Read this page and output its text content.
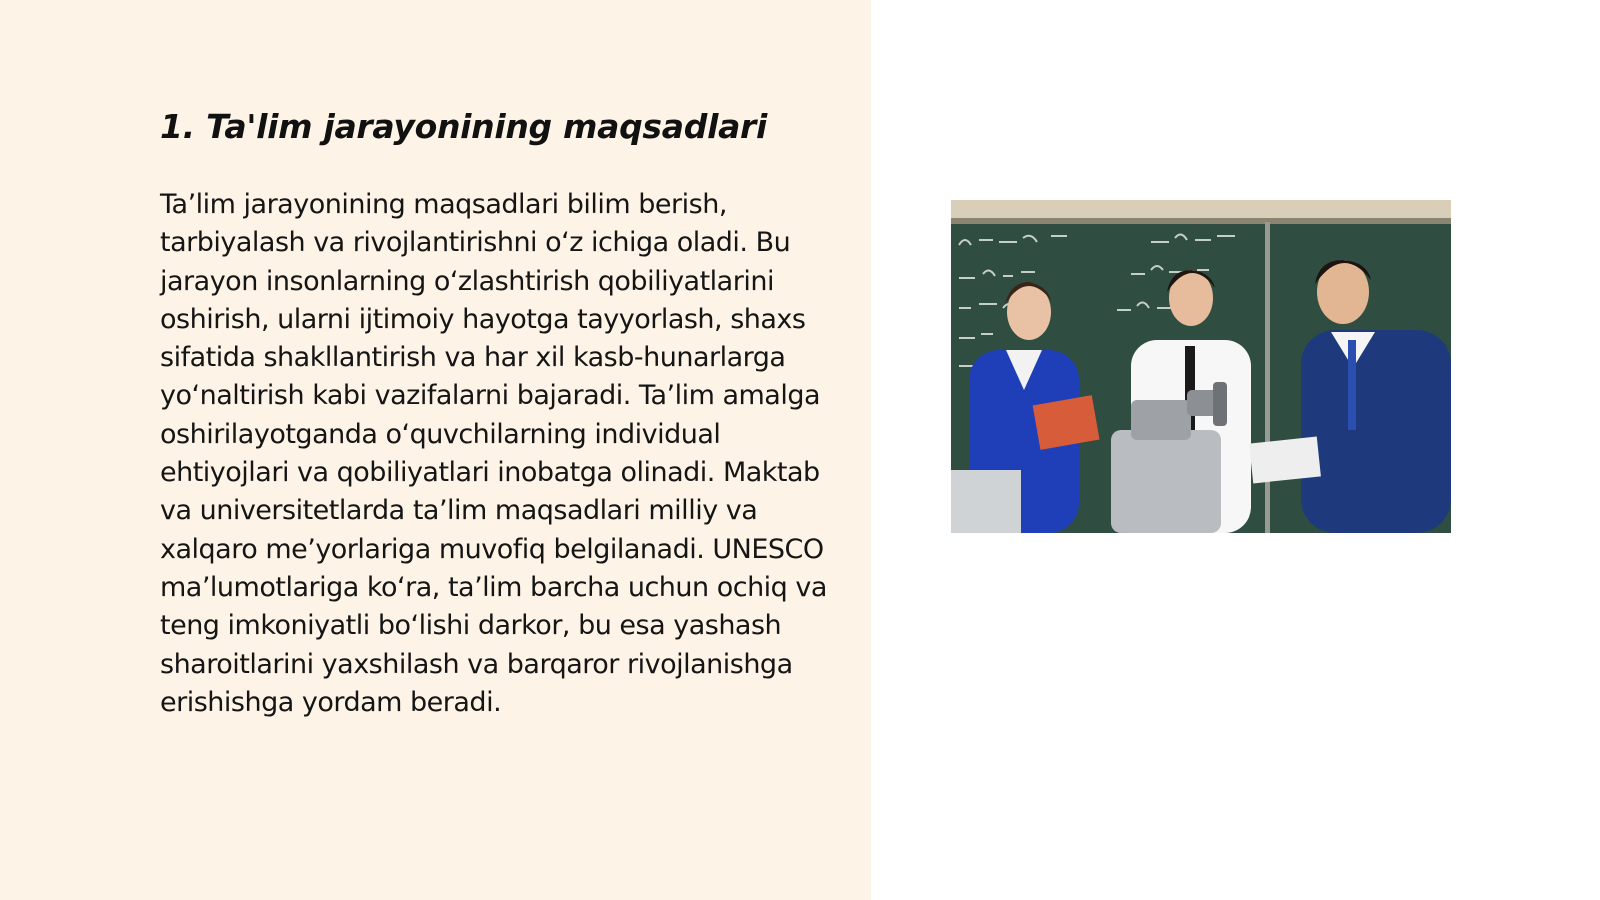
1. Ta'lim jarayonining maqsadlari

Ta’lim jarayonining maqsadlari bilim berish, tarbiyalash va rivojlantirishni o‘z ichiga oladi. Bu jarayon insonlarning o‘zlashtirish qobiliyatlarini oshirish, ularni ijtimoiy hayotga tayyorlash, shaxs sifatida shakllantirish va har xil kasb-hunarlarga yo‘naltirish kabi vazifalarni bajaradi. Ta’lim amalga oshirilayotganda o‘quvchilarning individual ehtiyojlari va qobiliyatlari inobatga olinadi. Maktab va universitetlarda ta’lim maqsadlari milliy va xalqaro me’yorlariga muvofiq belgilanadi. UNESCO ma’lumotlariga ko‘ra, ta’lim barcha uchun ochiq va teng imkoniyatli bo‘lishi darkor, bu esa yashash sharoitlarini yaxshilash va barqaror rivojlanishga erishishga yordam beradi.
